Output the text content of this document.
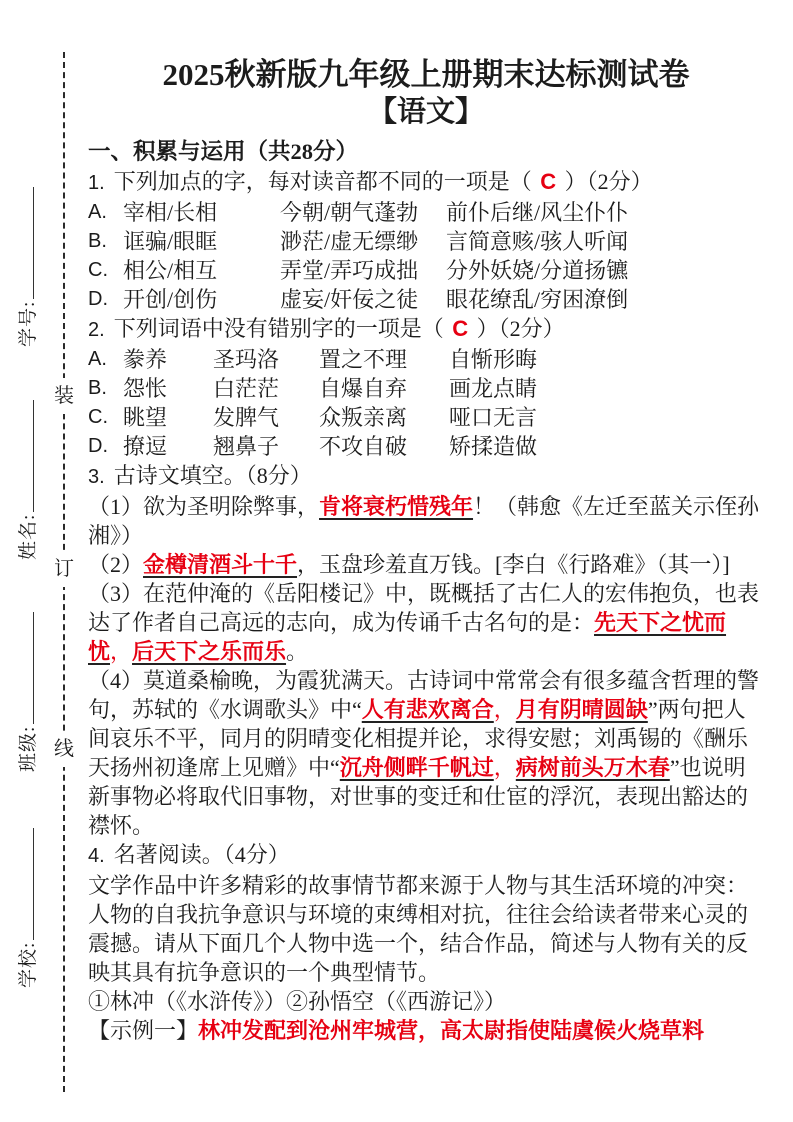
学号:
姓名:
班级:
学校:
装
订
线
2025秋新版九年级上册期末达标测试卷
【语文】
一、积累与运用（共28分）

1. 下列加点的字，每对读音都不同的一项是（ C ）（2分）

A. 宰相/长相	今朝/朝气蓬勃	前仆后继/风尘仆仆
B. 诓骗/眼眶	渺茫/虚无缥缈	言简意赅/骇人听闻
C. 相公/相互	弄堂/弄巧成拙	分外妖娆/分道扬镳
D. 开创/创伤	虚妄/奸佞之徒	眼花缭乱/穷困潦倒

2. 下列词语中没有错别字的一项是（ C ）（2分）

A. 豢养	圣玛洛	置之不理	自惭形晦
B. 怨怅	白茫茫	自爆自弃	画龙点睛
C. 眺望	发脾气	众叛亲离	哑口无言
D. 撩逗	翘鼻子	不攻自破	矫揉造做

3. 古诗文填空。（8分）

（1）欲为圣明除弊事，肯将衰朽惜残年！（韩愈《左迁至蓝关示侄孙湘》）

（2）金樽清酒斗十千，玉盘珍羞直万钱。[李白《行路难》（其一）]

（3）在范仲淹的《岳阳楼记》中，既概括了古仁人的宏伟抱负，也表达了作者自己高远的志向，成为传诵千古名句的是：先天下之忧而忧，后天下之乐而乐。

（4）莫道桑榆晚，为霞犹满天。古诗词中常常会有很多蕴含哲理的警句，苏轼的《水调歌头》中“人有悲欢离合，月有阴晴圆缺”两句把人间哀乐不平，同月的阴晴变化相提并论，求得安慰；刘禹锡的《酬乐天扬州初逢席上见赠》中“沉舟侧畔千帆过，病树前头万木春”也说明新事物必将取代旧事物，对世事的变迁和仕宦的浮沉，表现出豁达的襟怀。

4. 名著阅读。（4分）

文学作品中许多精彩的故事情节都来源于人物与其生活环境的冲突：人物的自我抗争意识与环境的束缚相对抗，往往会给读者带来心灵的震撼。请从下面几个人物中选一个，结合作品，简述与人物有关的反映其具有抗争意识的一个典型情节。

①林冲（《水浒传》）②孙悟空（《西游记》）

【示例一】林冲发配到沧州牢城营，高太尉指使陆虞候火烧草料
